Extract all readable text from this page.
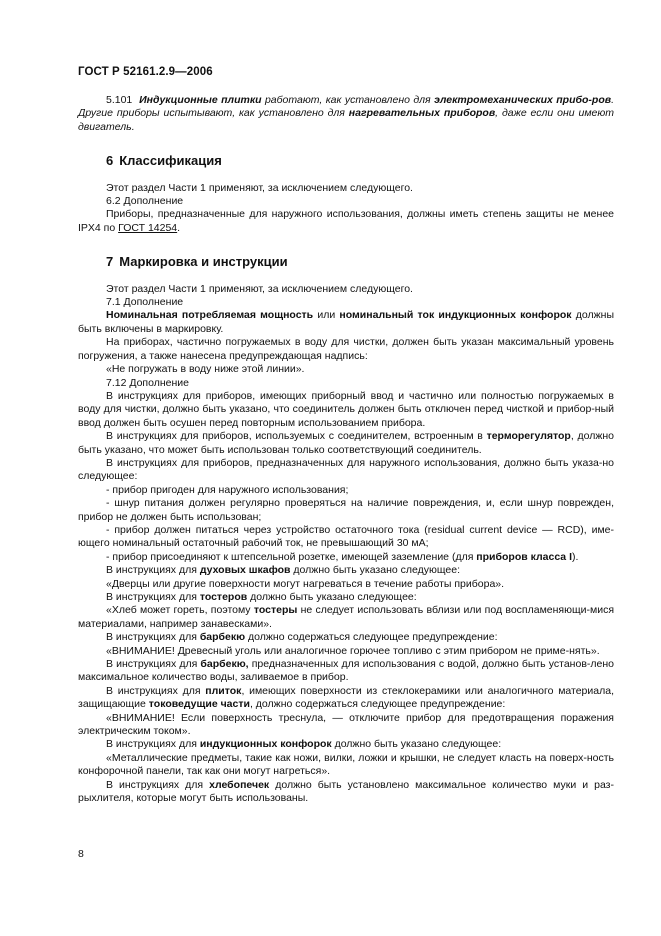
ГОСТ Р 52161.2.9—2006

5.101 Индукционные плитки работают, как установлено для электромеханических прибо-ров. Другие приборы испытывают, как установлено для нагревательных приборов, даже если они имеют двигатель.

6 Классификация

Этот раздел Части 1 применяют, за исключением следующего.

6.2 Дополнение

Приборы, предназначенные для наружного использования, должны иметь степень защиты не менее IPX4 по ГОСТ 14254.

7 Маркировка и инструкции

Этот раздел Части 1 применяют, за исключением следующего.

7.1 Дополнение

Номинальная потребляемая мощность или номинальный ток индукционных конфорок должны быть включены в маркировку.

На приборах, частично погружаемых в воду для чистки, должен быть указан максимальный уровень погружения, а также нанесена предупреждающая надпись:

«Не погружать в воду ниже этой линии».

7.12 Дополнение

В инструкциях для приборов, имеющих приборный ввод и частично или полностью погружаемых в воду для чистки, должно быть указано, что соединитель должен быть отключен перед чисткой и прибор-ный ввод должен быть осушен перед повторным использованием прибора.

В инструкциях для приборов, используемых с соединителем, встроенным в терморегулятор, должно быть указано, что может быть использован только соответствующий соединитель.

В инструкциях для приборов, предназначенных для наружного использования, должно быть указа-но следующее:

- прибор пригоден для наружного использования;

- шнур питания должен регулярно проверяться на наличие повреждения, и, если шнур поврежден, прибор не должен быть использован;

- прибор должен питаться через устройство остаточного тока (residual current device — RCD), име-ющего номинальный остаточный рабочий ток, не превышающий 30 мА;

- прибор присоединяют к штепсельной розетке, имеющей заземление (для приборов класса I).

В инструкциях для духовых шкафов должно быть указано следующее:

«Дверцы или другие поверхности могут нагреваться в течение работы прибора».

В инструкциях для тостеров должно быть указано следующее:

«Хлеб может гореть, поэтому тостеры не следует использовать вблизи или под воспламеняющи-мися материалами, например занавесками».

В инструкциях для барбекю должно содержаться следующее предупреждение:

«ВНИМАНИЕ! Древесный уголь или аналогичное горючее топливо с этим прибором не приме-нять».

В инструкциях для барбекю, предназначенных для использования с водой, должно быть установ-лено максимальное количество воды, заливаемое в прибор.

В инструкциях для плиток, имеющих поверхности из стеклокерамики или аналогичного материала, защищающие токоведущие части, должно содержаться следующее предупреждение:

«ВНИМАНИЕ! Если поверхность треснула, — отключите прибор для предотвращения поражения электрическим током».

В инструкциях для индукционных конфорок должно быть указано следующее:

«Металлические предметы, такие как ножи, вилки, ложки и крышки, не следует класть на поверх-ность конфорочной панели, так как они могут нагреться».

В инструкциях для хлебопечек должно быть установлено максимальное количество муки и раз-рыхлителя, которые могут быть использованы.

8
